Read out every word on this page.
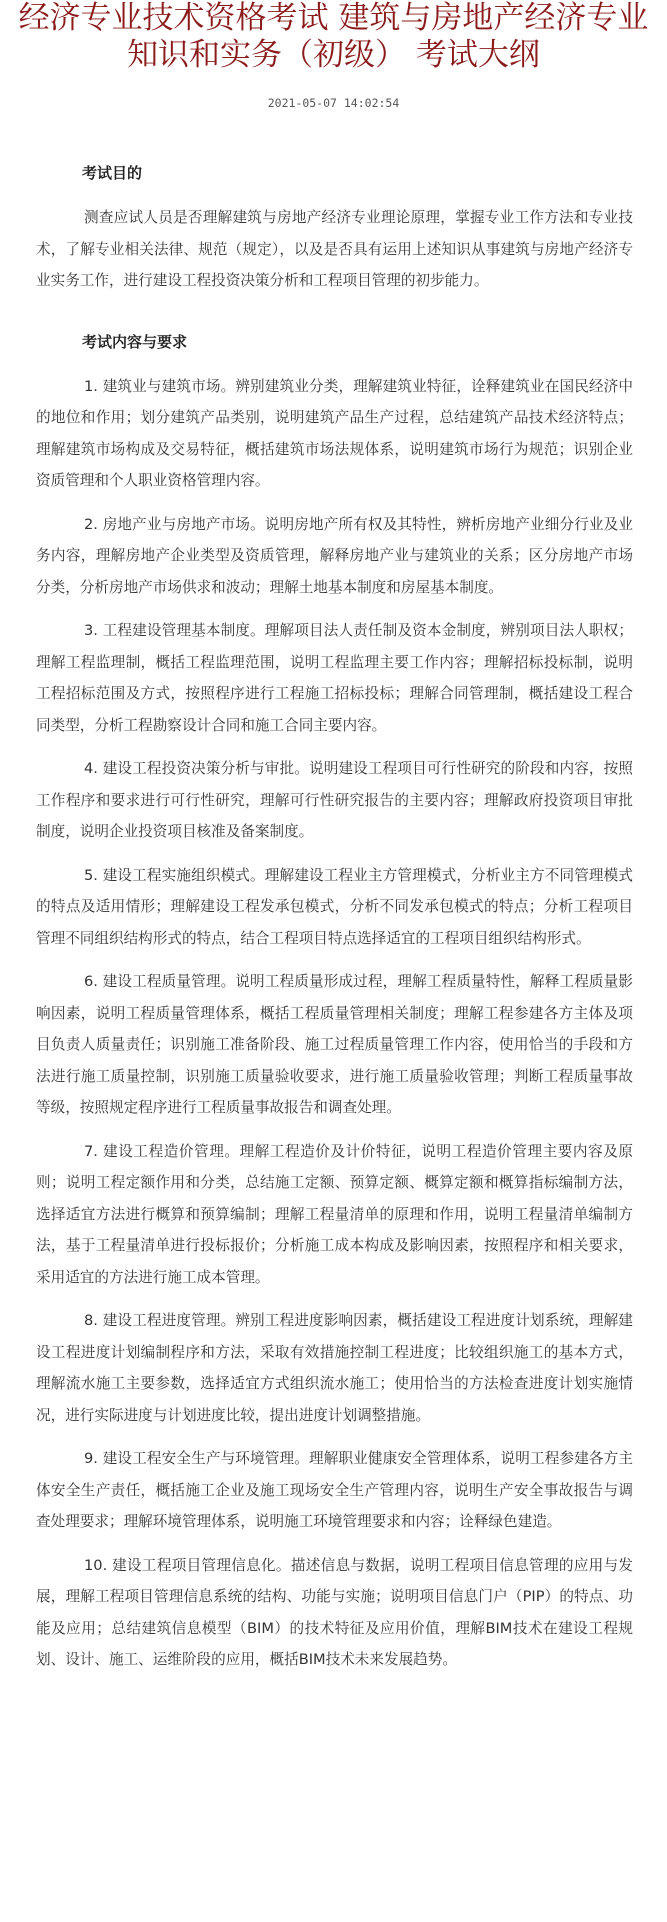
经济专业技术资格考试 建筑与房地产经济专业知识和实务（初级） 考试大纲
2021-05-07 14:02:54

考试目的

测查应试人员是否理解建筑与房地产经济专业理论原理，掌握专业工作方法和专业技术，了解专业相关法律、规范（规定），以及是否具有运用上述知识从事建筑与房地产经济专业实务工作，进行建设工程投资决策分析和工程项目管理的初步能力。

考试内容与要求

1. 建筑业与建筑市场。辨别建筑业分类，理解建筑业特征，诠释建筑业在国民经济中的地位和作用；划分建筑产品类别，说明建筑产品生产过程，总结建筑产品技术经济特点；理解建筑市场构成及交易特征，概括建筑市场法规体系，说明建筑市场行为规范；识别企业资质管理和个人职业资格管理内容。

2. 房地产业与房地产市场。说明房地产所有权及其特性，辨析房地产业细分行业及业务内容，理解房地产企业类型及资质管理，解释房地产业与建筑业的关系；区分房地产市场分类，分析房地产市场供求和波动；理解土地基本制度和房屋基本制度。

3. 工程建设管理基本制度。理解项目法人责任制及资本金制度，辨别项目法人职权；理解工程监理制，概括工程监理范围，说明工程监理主要工作内容；理解招标投标制，说明工程招标范围及方式，按照程序进行工程施工招标投标；理解合同管理制，概括建设工程合同类型，分析工程勘察设计合同和施工合同主要内容。

4. 建设工程投资决策分析与审批。说明建设工程项目可行性研究的阶段和内容，按照工作程序和要求进行可行性研究，理解可行性研究报告的主要内容；理解政府投资项目审批制度，说明企业投资项目核准及备案制度。

5. 建设工程实施组织模式。理解建设工程业主方管理模式，分析业主方不同管理模式的特点及适用情形；理解建设工程发承包模式，分析不同发承包模式的特点；分析工程项目管理不同组织结构形式的特点，结合工程项目特点选择适宜的工程项目组织结构形式。

6. 建设工程质量管理。说明工程质量形成过程，理解工程质量特性，解释工程质量影响因素，说明工程质量管理体系，概括工程质量管理相关制度；理解工程参建各方主体及项目负责人质量责任；识别施工准备阶段、施工过程质量管理工作内容，使用恰当的手段和方法进行施工质量控制，识别施工质量验收要求，进行施工质量验收管理；判断工程质量事故等级，按照规定程序进行工程质量事故报告和调查处理。

7. 建设工程造价管理。理解工程造价及计价特征，说明工程造价管理主要内容及原则；说明工程定额作用和分类，总结施工定额、预算定额、概算定额和概算指标编制方法，选择适宜方法进行概算和预算编制；理解工程量清单的原理和作用，说明工程量清单编制方法，基于工程量清单进行投标报价；分析施工成本构成及影响因素，按照程序和相关要求，采用适宜的方法进行施工成本管理。

8. 建设工程进度管理。辨别工程进度影响因素，概括建设工程进度计划系统，理解建设工程进度计划编制程序和方法，采取有效措施控制工程进度；比较组织施工的基本方式，理解流水施工主要参数，选择适宜方式组织流水施工；使用恰当的方法检查进度计划实施情况，进行实际进度与计划进度比较，提出进度计划调整措施。

9. 建设工程安全生产与环境管理。理解职业健康安全管理体系，说明工程参建各方主体安全生产责任，概括施工企业及施工现场安全生产管理内容，说明生产安全事故报告与调查处理要求；理解环境管理体系，说明施工环境管理要求和内容；诠释绿色建造。

10. 建设工程项目管理信息化。描述信息与数据，说明工程项目信息管理的应用与发展，理解工程项目管理信息系统的结构、功能与实施；说明项目信息门户（PIP）的特点、功能及应用；总结建筑信息模型（BIM）的技术特征及应用价值，理解BIM技术在建设工程规划、设计、施工、运维阶段的应用，概括BIM技术未来发展趋势。
